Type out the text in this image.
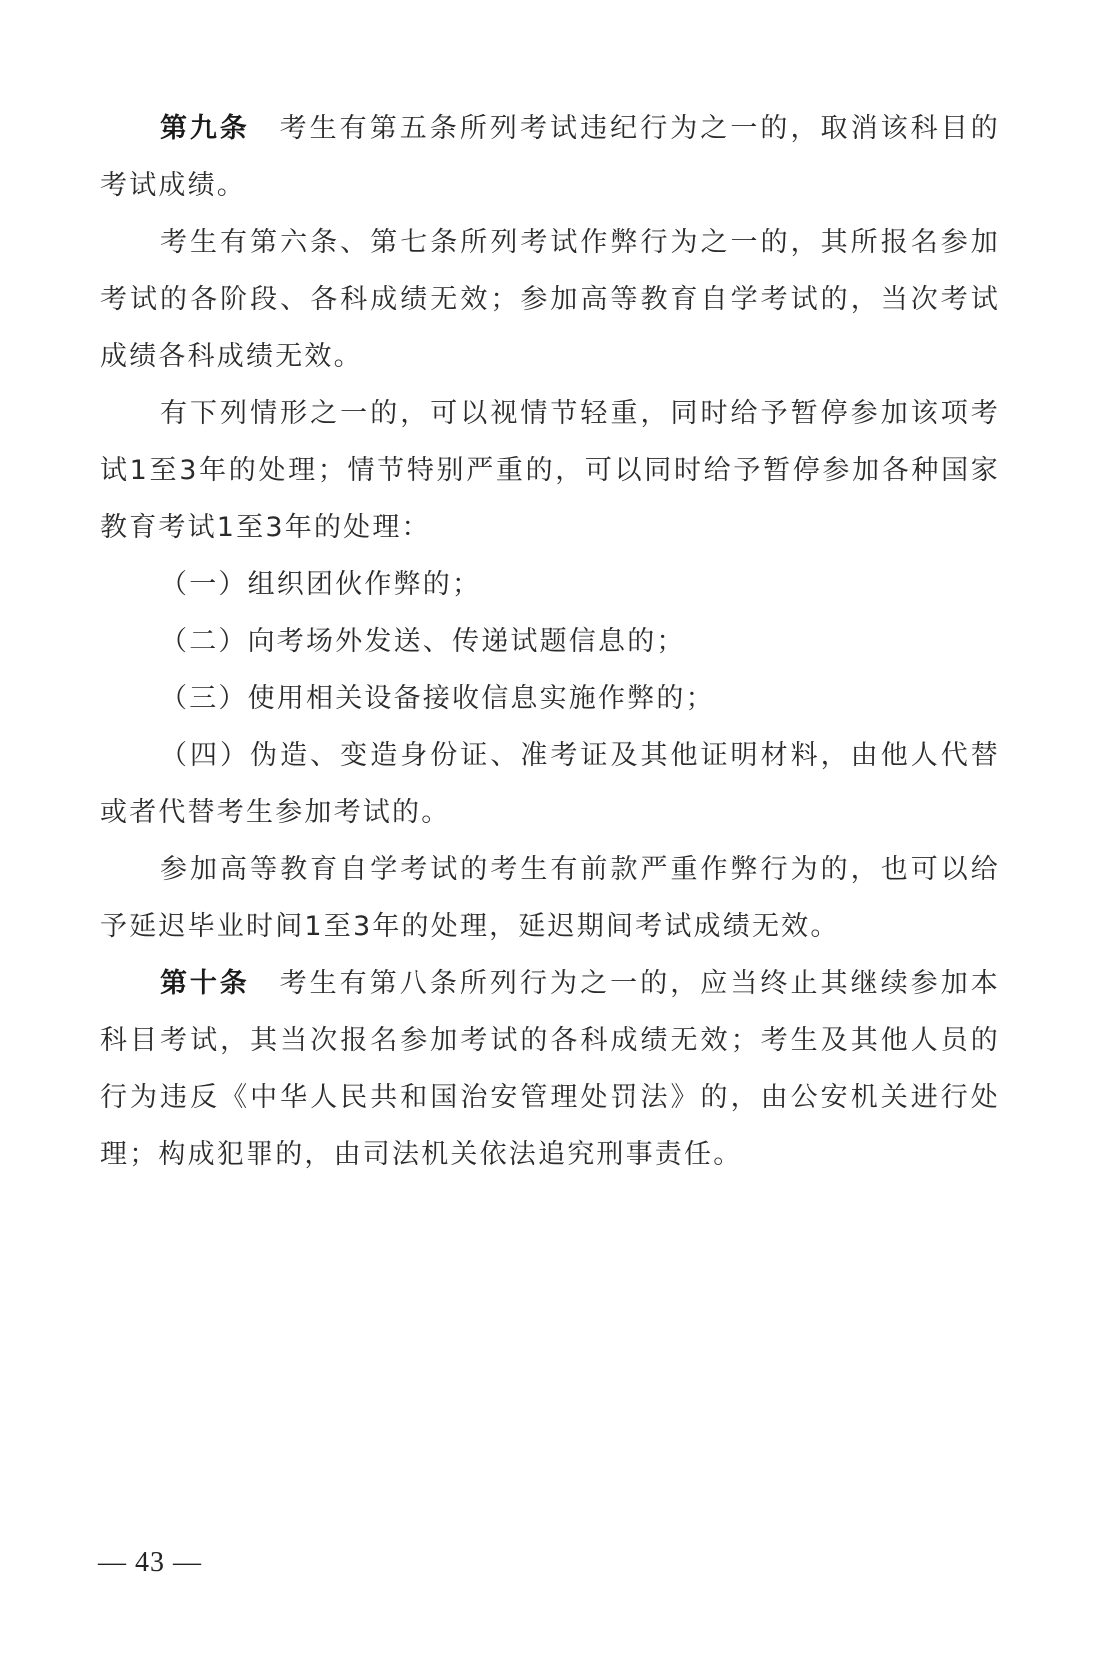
第九条 考生有第五条所列考试违纪行为之一的，取消该科目的考试成绩。

考生有第六条、第七条所列考试作弊行为之一的，其所报名参加考试的各阶段、各科成绩无效；参加高等教育自学考试的，当次考试成绩各科成绩无效。

有下列情形之一的，可以视情节轻重，同时给予暂停参加该项考试1至3年的处理；情节特别严重的，可以同时给予暂停参加各种国家教育考试1至3年的处理：

（一）组织团伙作弊的；

（二）向考场外发送、传递试题信息的；

（三）使用相关设备接收信息实施作弊的；

（四）伪造、变造身份证、准考证及其他证明材料，由他人代替或者代替考生参加考试的。

参加高等教育自学考试的考生有前款严重作弊行为的，也可以给予延迟毕业时间1至3年的处理，延迟期间考试成绩无效。

第十条 考生有第八条所列行为之一的，应当终止其继续参加本科目考试，其当次报名参加考试的各科成绩无效；考生及其他人员的行为违反《中华人民共和国治安管理处罚法》的，由公安机关进行处理；构成犯罪的，由司法机关依法追究刑事责任。

— 43 —
